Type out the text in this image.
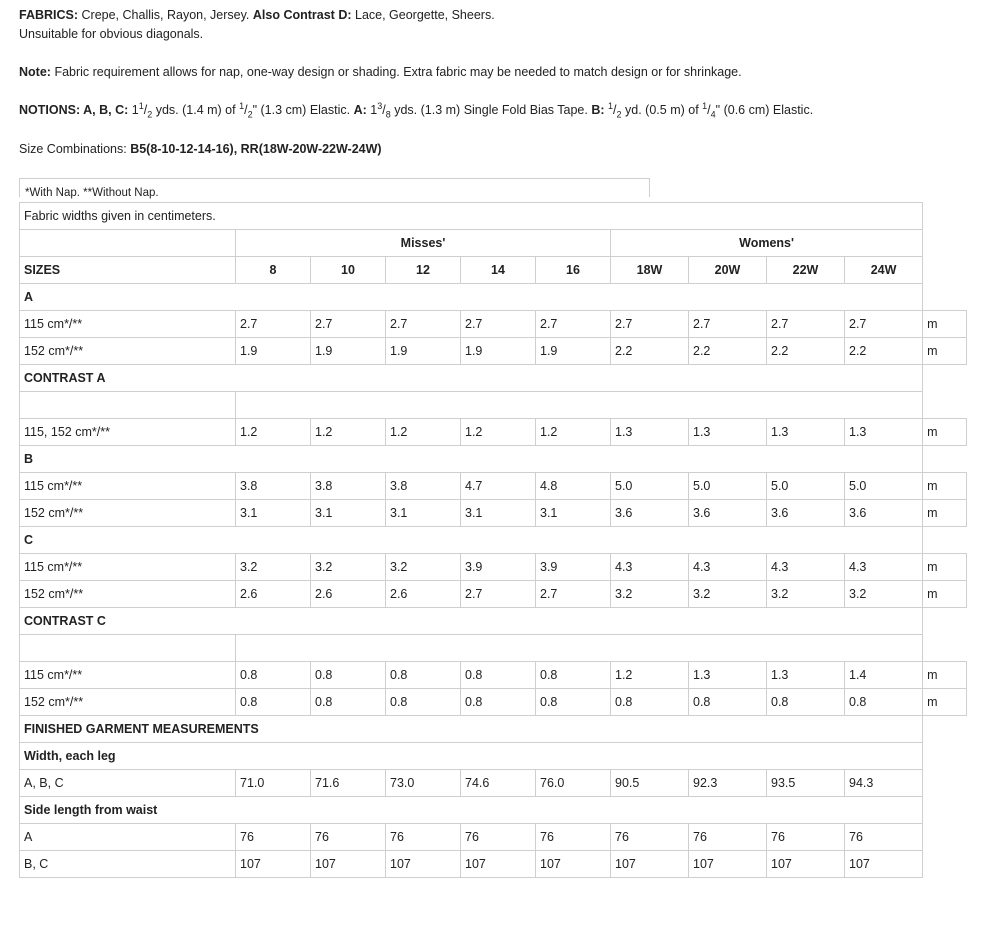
FABRICS: Crepe, Challis, Rayon, Jersey. Also Contrast D: Lace, Georgette, Sheers.
Unsuitable for obvious diagonals.
Note: Fabric requirement allows for nap, one-way design or shading. Extra fabric may be needed to match design or for shrinkage.
NOTIONS: A, B, C: $1^1/_2$ yds. (1.4 m) of $^1/_2$" (1.3 cm) Elastic. A: $1^3/_8$ yds. (1.3 m) Single Fold Bias Tape. B: $^1/_2$ yd. (0.5 m) of $^1/_4$" (0.6 cm) Elastic.
Size Combinations: B5(8-10-12-14-16), RR(18W-20W-22W-24W)
*With Nap. **Without Nap.
Fabric widths given in centimeters.										
	Misses'					Womens'				
SIZES	8	10	12	14	16	18W	20W	22W	24W	
A										
115 cm*/**	2.7	2.7	2.7	2.7	2.7	2.7	2.7	2.7	2.7	m
152 cm*/**	1.9	1.9	1.9	1.9	1.9	2.2	2.2	2.2	2.2	m
CONTRAST A										

115, 152 cm*/**	1.2	1.2	1.2	1.2	1.2	1.3	1.3	1.3	1.3	m
B										
115 cm*/**	3.8	3.8	3.8	4.7	4.8	5.0	5.0	5.0	5.0	m
152 cm*/**	3.1	3.1	3.1	3.1	3.1	3.6	3.6	3.6	3.6	m
C										
115 cm*/**	3.2	3.2	3.2	3.9	3.9	4.3	4.3	4.3	4.3	m
152 cm*/**	2.6	2.6	2.6	2.7	2.7	3.2	3.2	3.2	3.2	m
CONTRAST C										

115 cm*/**	0.8	0.8	0.8	0.8	0.8	1.2	1.3	1.3	1.4	m
152 cm*/**	0.8	0.8	0.8	0.8	0.8	0.8	0.8	0.8	0.8	m
FINISHED GARMENT MEASUREMENTS										
Width, each leg										
A, B, C	71.0	71.6	73.0	74.6	76.0	90.5	92.3	93.5	94.3	
Side length from waist										
A	76	76	76	76	76	76	76	76	76	
B, C	107	107	107	107	107	107	107	107	107	
